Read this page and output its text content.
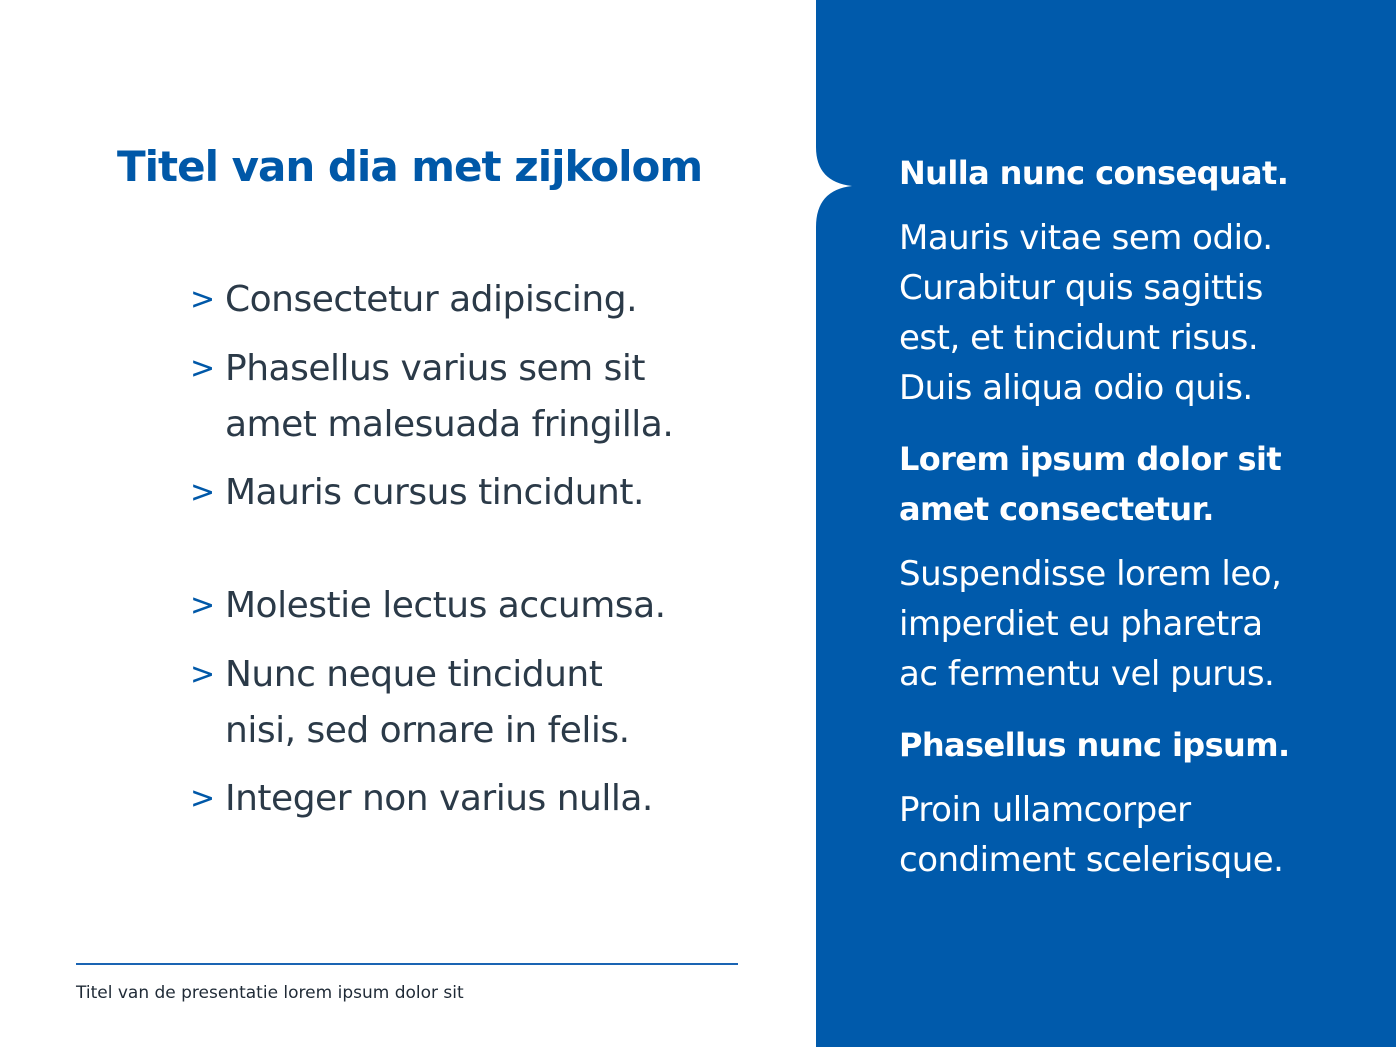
Titel van dia met zijkolom
> Consectetur adipiscing.
> Phasellus varius sem sit
amet malesuada fringilla.
> Mauris cursus tincidunt.
> Molestie lectus accumsa.
> Nunc neque tincidunt
nisi, sed ornare in felis.
> Integer non varius nulla.
Titel van de presentatie lorem ipsum dolor sit
Nulla nunc consequat.
Mauris vitae sem odio.
Curabitur quis sagittis
est, et tincidunt risus.
Duis aliqua odio quis.
Lorem ipsum dolor sit
amet consectetur.
Suspendisse lorem leo,
imperdiet eu pharetra
ac fermentu vel purus.
Phasellus nunc ipsum.
Proin ullamcorper
condiment scelerisque.
